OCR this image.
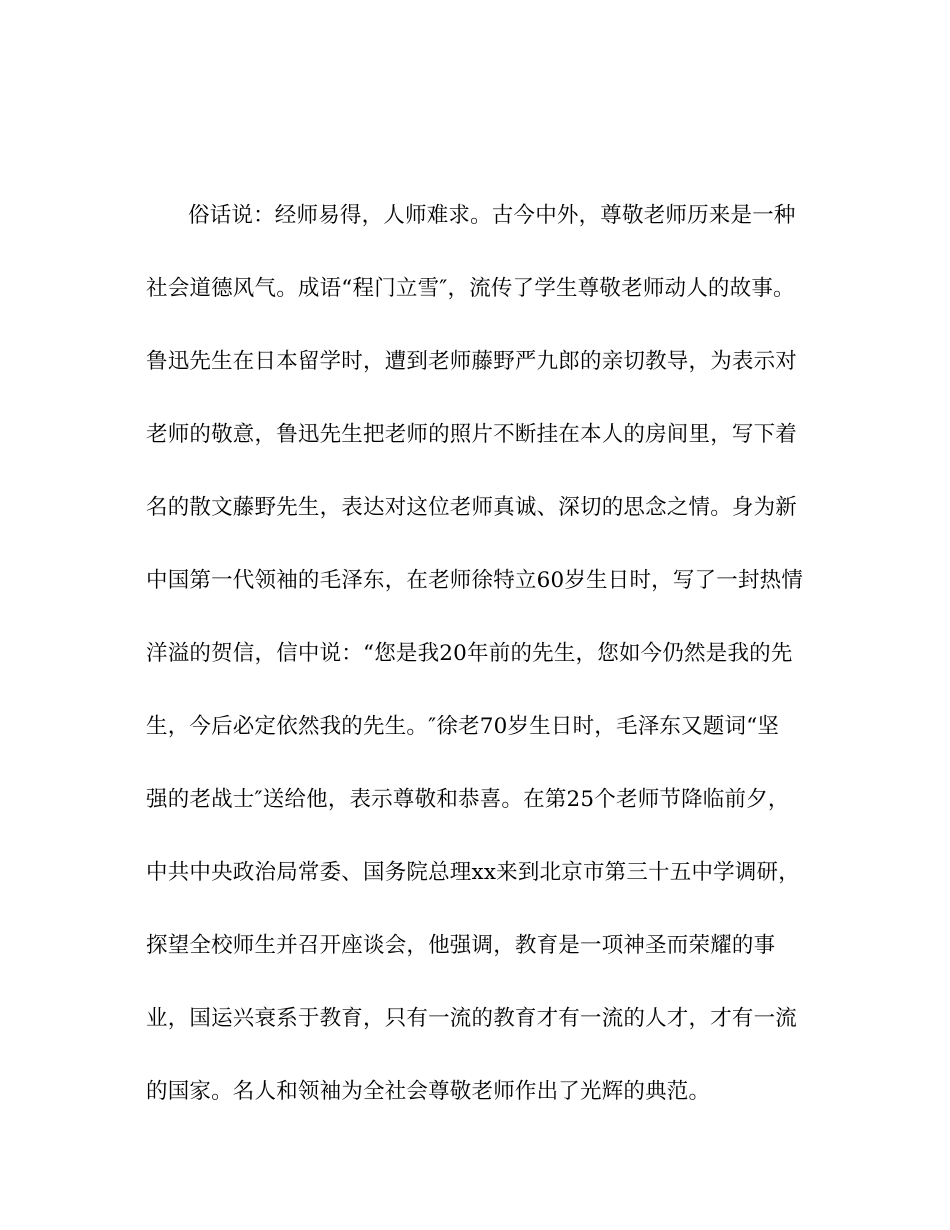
俗话说：经师易得，人师难求。古今中外，尊敬老师历来是一种
社会道德风气。成语“程门立雪″，流传了学生尊敬老师动人的故事。
鲁迅先生在日本留学时，遭到老师藤野严九郎的亲切教导，为表示对
老师的敬意，鲁迅先生把老师的照片不断挂在本人的房间里，写下着
名的散文藤野先生，表达对这位老师真诚、深切的思念之情。身为新
中国第一代领袖的毛泽东，在老师徐特立60岁生日时，写了一封热情
洋溢的贺信，信中说：“您是我20年前的先生，您如今仍然是我的先
生，今后必定依然我的先生。″徐老70岁生日时，毛泽东又题词“坚
强的老战士″送给他，表示尊敬和恭喜。在第25个老师节降临前夕，
中共中央政治局常委、国务院总理xx来到北京市第三十五中学调研，
探望全校师生并召开座谈会，他强调，教育是一项神圣而荣耀的事
业，国运兴衰系于教育，只有一流的教育才有一流的人才，才有一流
的国家。名人和领袖为全社会尊敬老师作出了光辉的典范。
